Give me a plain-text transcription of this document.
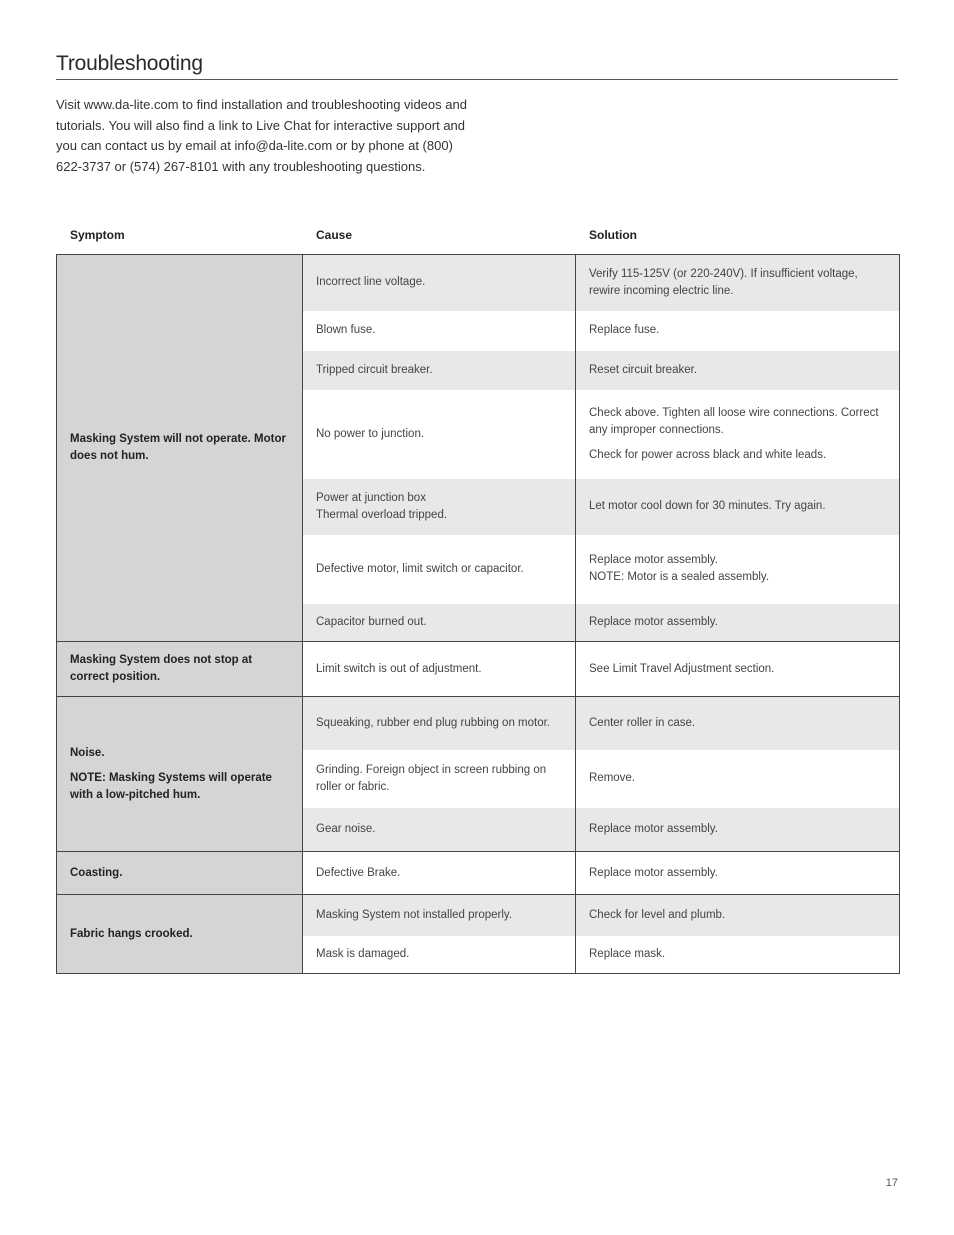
Troubleshooting

Visit www.da-lite.com to find installation and troubleshooting videos and tutorials. You will also find a link to Live Chat for interactive support and you can contact us by email at info@da-lite.com or by phone at (800) 622-3737 or (574) 267-8101 with any troubleshooting questions.

Symptom	Cause	Solution
Masking System will not operate. Motor does not hum.	Incorrect line voltage.	Verify 115-125V (or 220-240V). If insufficient voltage, rewire incoming electric line.
	Blown fuse.	Replace fuse.
	Tripped circuit breaker.	Reset circuit breaker.
	No power to junction.	Check above. Tighten all loose wire connections. Correct any improper connections.
Check for power across black and white leads.

	Power at junction box
Thermal overload tripped.	Let motor cool down for 30 minutes. Try again.
	Defective motor, limit switch or capacitor.	Replace motor assembly.
NOTE: Motor is a sealed assembly.

	Capacitor burned out.	Replace motor assembly.

Masking System does not stop at correct position.	Limit switch is out of adjustment.	See Limit Travel Adjustment section.

Noise.
NOTE: Masking Systems will operate with a low-pitched hum.	Squeaking, rubber end plug rubbing on motor.	Center roller in case.
	Grinding. Foreign object in screen rubbing on roller or fabric.	Remove.
	Gear noise.	Replace motor assembly.

Coasting.	Defective Brake.	Replace motor assembly.

Fabric hangs crooked.	Masking System not installed properly.	Check for level and plumb.
	Mask is damaged.	Replace mask.
17
